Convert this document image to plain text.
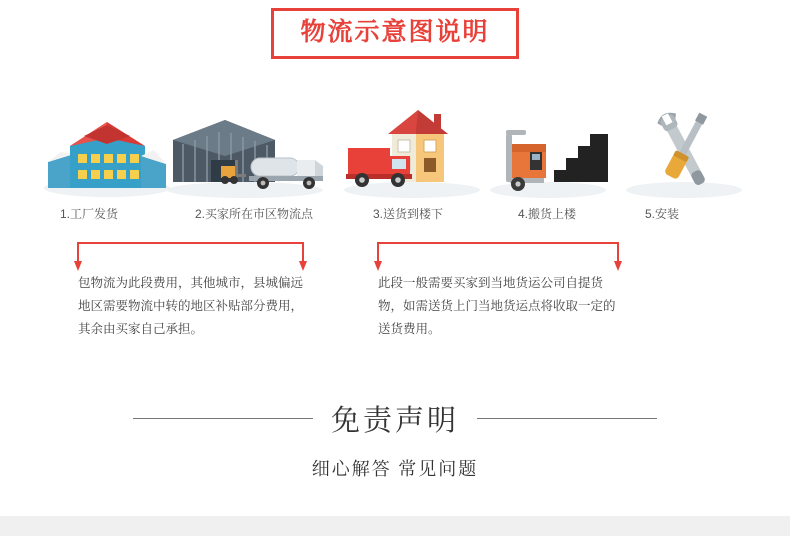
物流示意图说明
1.工厂发货	2.买家所在市区物流点	3.送货到楼下	4.搬货上楼	5.安装
包物流为此段费用，其他城市，县城偏远地区需要物流中转的地区补贴部分费用，其余由买家自己承担。
此段一般需要买家到当地货运公司自提货物，如需送货上门当地货运点将收取一定的送货费用。
免责声明
细心解答 常见问题
